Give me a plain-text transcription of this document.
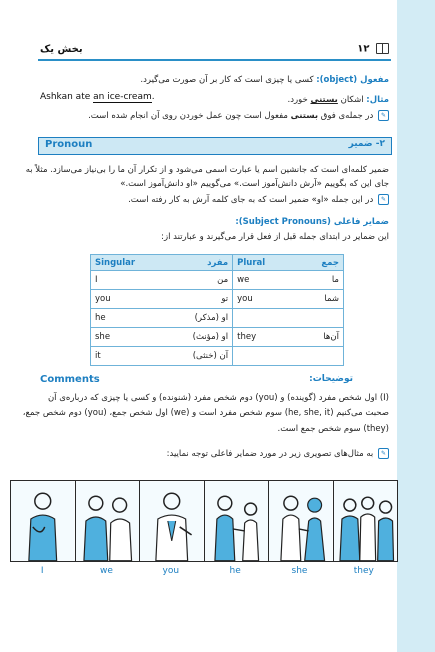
بخش یک	۱۲
مفعول (object): کسی یا چیزی است که کار بر آن صورت می‌گیرد.
Ashkan ate an ice-cream.	مثال: اشکان بستنی خورد.
✎ در جمله‌ی فوق بستنی مفعول است چون عمل خوردن روی آن انجام شده است.
Pronoun	۲- ضمیر
ضمیر کلمه‌ای است که جانشین اسم یا عبارت اسمی می‌شود و از تکرار آن ما را بی‌نیاز می‌سازد. مثلاً به
جای این که بگوییم «آرش دانش‌آموز است.» می‌گوییم «او دانش‌آموز است.»
✎ در این جمله «او» ضمیر است که به جای کلمه آرش به کار رفته است.
ضمایر فاعلی (Subject Pronouns):
این ضمایر در ابتدای جمله قبل از فعل قرار می‌گیرند و عبارتند از:
Singular مفرد	Plural جمع

I من	we ما

you تو	you شما

he او (مذکر)	

she او (مؤنث)	they آن‌ها

it آن (خنثی)	

Comments	توضیحات:
(I) اول شخص مفرد (گوینده) و (you) دوم شخص مفرد (شنونده) و کسی یا چیزی که درباره‌ی آن
صحبت می‌کنیم (he, she, it) سوم شخص مفرد است و (we) اول شخص جمع، (you) دوم شخص جمع،
(they) سوم شخص جمع است.
✎ به مثال‌های تصویری زیر در مورد ضمایر فاعلی توجه نمایید:
I	we	you	he	she	they
